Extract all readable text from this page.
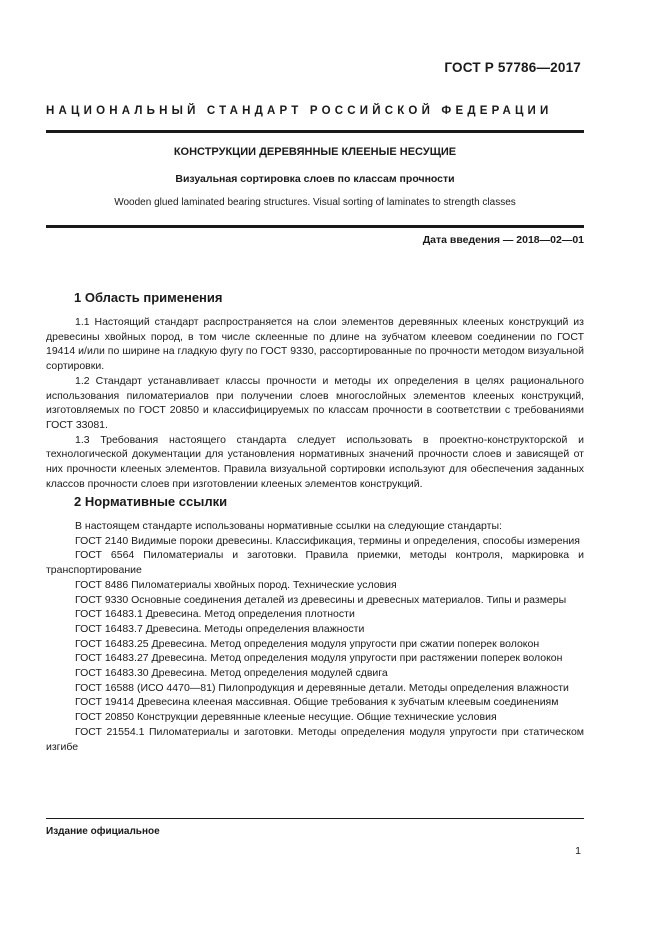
ГОСТ Р 57786—2017
НАЦИОНАЛЬНЫЙ СТАНДАРТ РОССИЙСКОЙ ФЕДЕРАЦИИ
КОНСТРУКЦИИ ДЕРЕВЯННЫЕ КЛЕЕНЫЕ НЕСУЩИЕ
Визуальная сортировка слоев по классам прочности
Wooden glued laminated bearing structures. Visual sorting of laminates to strength classes
Дата введения — 2018—02—01
1 Область применения

1.1 Настоящий стандарт распространяется на слои элементов деревянных клееных конструкций из древесины хвойных пород, в том числе склеенные по длине на зубчатом клеевом соединении по ГОСТ 19414 и/или по ширине на гладкую фугу по ГОСТ 9330, рассортированные по прочности методом визуальной сортировки.

1.2 Стандарт устанавливает классы прочности и методы их определения в целях рационального использования пиломатериалов при получении слоев многослойных элементов клееных конструкций, изготовляемых по ГОСТ 20850 и классифицируемых по классам прочности в соответствии с требованиями ГОСТ 33081.

1.3 Требования настоящего стандарта следует использовать в проектно-конструкторской и технологической документации для установления нормативных значений прочности слоев и зависящей от них прочности клееных элементов. Правила визуальной сортировки используют для обеспечения заданных классов прочности слоев при изготовлении клееных элементов конструкций.

2 Нормативные ссылки

В настоящем стандарте использованы нормативные ссылки на следующие стандарты:

ГОСТ 2140 Видимые пороки древесины. Классификация, термины и определения, способы измерения

ГОСТ 6564 Пиломатериалы и заготовки. Правила приемки, методы контроля, маркировка и транспортирование

ГОСТ 8486 Пиломатериалы хвойных пород. Технические условия

ГОСТ 9330 Основные соединения деталей из древесины и древесных материалов. Типы и размеры

ГОСТ 16483.1 Древесина. Метод определения плотности

ГОСТ 16483.7 Древесина. Методы определения влажности

ГОСТ 16483.25 Древесина. Метод определения модуля упругости при сжатии поперек волокон

ГОСТ 16483.27 Древесина. Метод определения модуля упругости при растяжении поперек волокон

ГОСТ 16483.30 Древесина. Метод определения модулей сдвига

ГОСТ 16588 (ИСО 4470—81) Пилопродукция и деревянные детали. Методы определения влажности

ГОСТ 19414 Древесина клееная массивная. Общие требования к зубчатым клеевым соединениям

ГОСТ 20850 Конструкции деревянные клееные несущие. Общие технические условия

ГОСТ 21554.1 Пиломатериалы и заготовки. Методы определения модуля упругости при статическом изгибе

Издание официальное
1
